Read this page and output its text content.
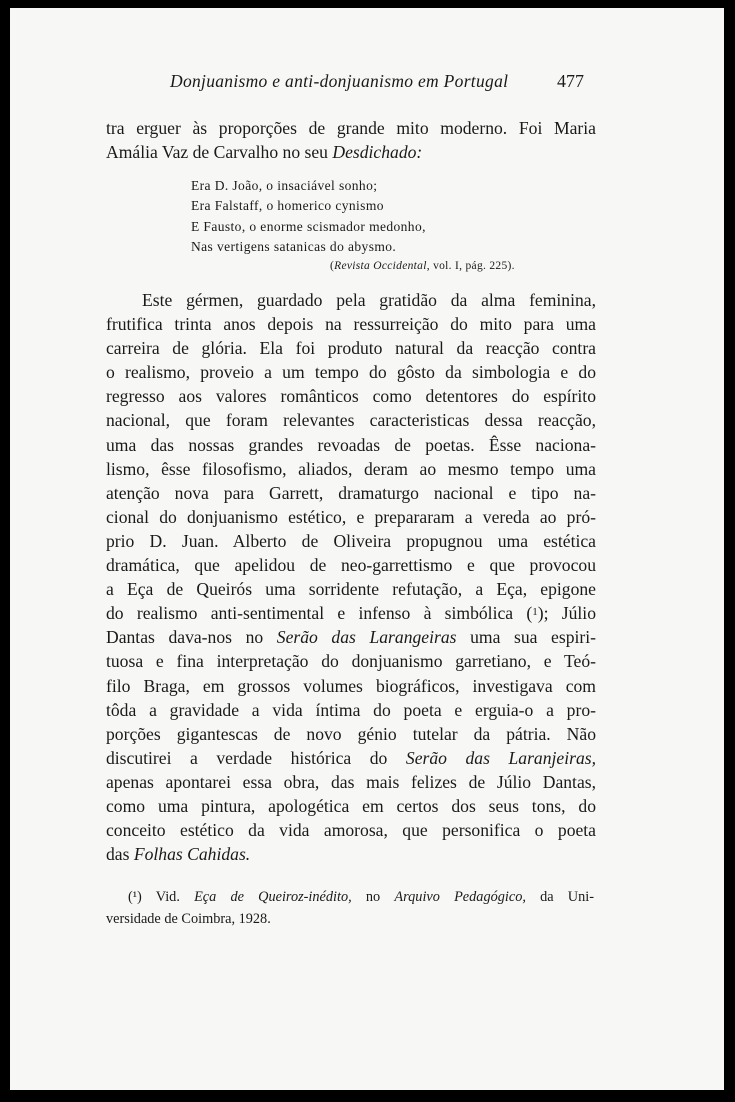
Donjuanismo e anti-donjuanismo em Portugal	477

tra erguer às proporções de grande mito moderno. Foi Maria
Amália Vaz de Carvalho no seu Desdichado:

Era D. João, o insaciável sonho;
Era Falstaff, o homerico cynismo
E Fausto, o enorme scismador medonho,
Nas vertigens satanicas do abysmo.
(Revista Occidental, vol. I, pág. 225).

Este gérmen, guardado pela gratidão da alma feminina,
frutifica trinta anos depois na ressurreição do mito para uma
carreira de glória. Ela foi produto natural da reacção contra
o realismo, proveio a um tempo do gôsto da simbologia e do
regresso aos valores românticos como detentores do espírito
nacional, que foram relevantes caracteristicas dessa reacção,
uma das nossas grandes revoadas de poetas. Êsse naciona-
lismo, êsse filosofismo, aliados, deram ao mesmo tempo uma
atenção nova para Garrett, dramaturgo nacional e tipo na-
cional do donjuanismo estético, e prepararam a vereda ao pró-
prio D. Juan. Alberto de Oliveira propugnou uma estética
dramática, que apelidou de neo-garrettismo e que provocou
a Eça de Queirós uma sorridente refutação, a Eça, epigone
do realismo anti-sentimental e infenso à simbólica ($^1$); Júlio
Dantas dava-nos no Serão das Larangeiras uma sua espiri-
tuosa e fina interpretação do donjuanismo garretiano, e Teó-
filo Braga, em grossos volumes biográficos, investigava com
tôda a gravidade a vida íntima do poeta e erguia-o a pro-
porções gigantescas de novo génio tutelar da pátria. Não
discutirei a verdade histórica do Serão das Laranjeiras,
apenas apontarei essa obra, das mais felizes de Júlio Dantas,
como uma pintura, apologética em certos dos seus tons, do
conceito estético da vida amorosa, que personifica o poeta
das Folhas Cahidas.

(¹) Vid. Eça de Queiroz-inédito, no Arquivo Pedagógico, da Uni-
versidade de Coimbra, 1928.
